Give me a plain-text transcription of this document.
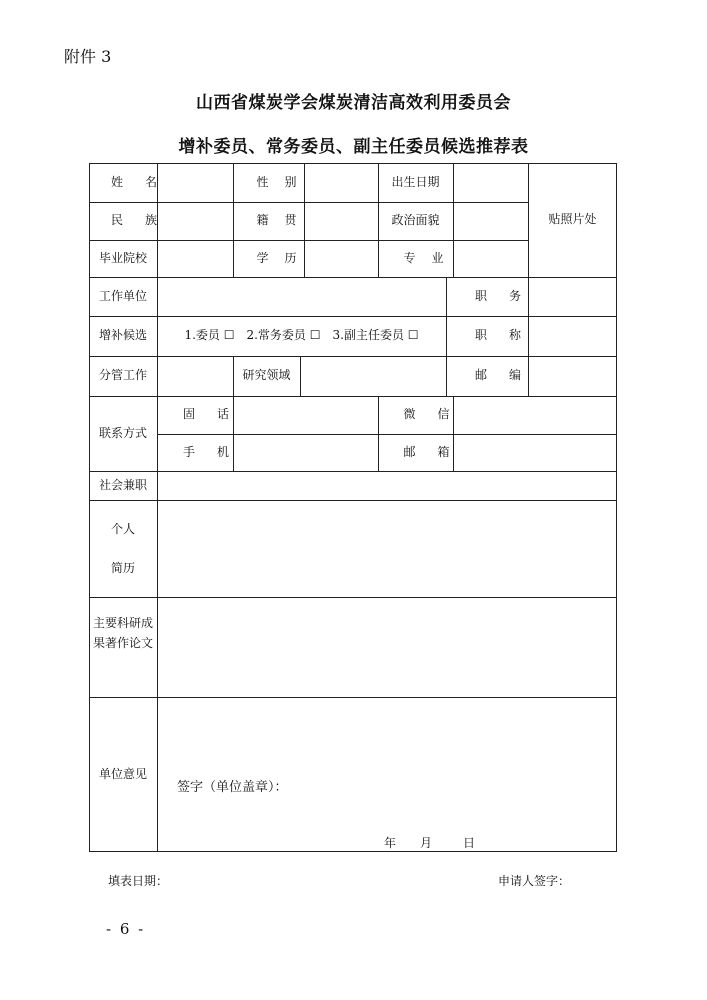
附件 3
山西省煤炭学会煤炭清洁高效利用委员会
增补委员、常务委员、副主任委员候选推荐表
姓名	性别	出生日期
贴照片处
民族	籍贯	政治面貌
毕业院校	学历	专业
工作单位	职务
增补候选	1.委员 ☐　2.常务委员 ☐　3.副主任委员 ☐	职称
分管工作	研究领域	邮编
联系方式
固话	微信
手机	邮箱
社会兼职
个人
简历
主要科研成
果著作论文
单位意见
签字（单位盖章）：
年 月	日
填表日期：	申请人签字：
- 6 -
